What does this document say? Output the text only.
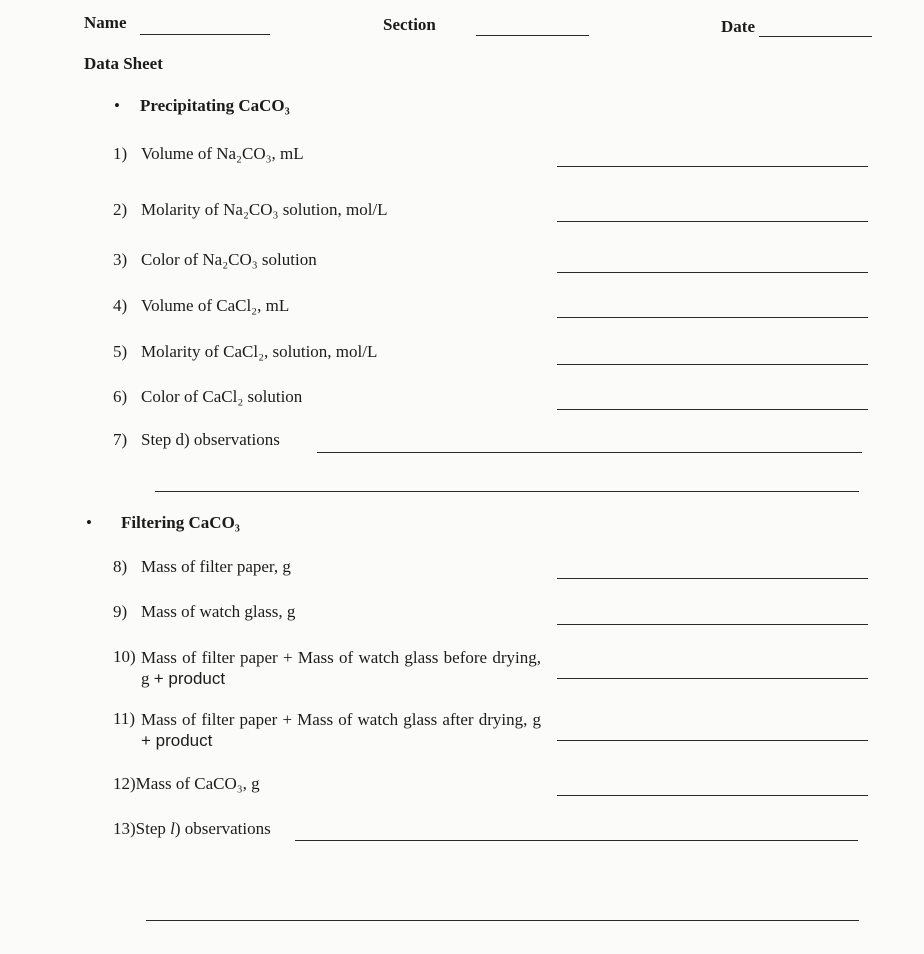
Name	Section	Date
Data Sheet
• Precipitating CaCO₃
1) Volume of Na₂CO₃, mL
2) Molarity of Na₂CO₃ solution, mol/L
3) Color of Na₂CO₃ solution
4) Volume of CaCl₂, mL
5) Molarity of CaCl₂, solution, mol/L
6) Color of CaCl₂ solution
7) Step d) observations
• Filtering CaCO₃
8) Mass of filter paper, g
9) Mass of watch glass, g
10) Mass of filter paper + Mass of watch glass before drying, g + product
11) Mass of filter paper + Mass of watch glass after drying, g + product
12)Mass of CaCO₃, g
13)Step l) observations
